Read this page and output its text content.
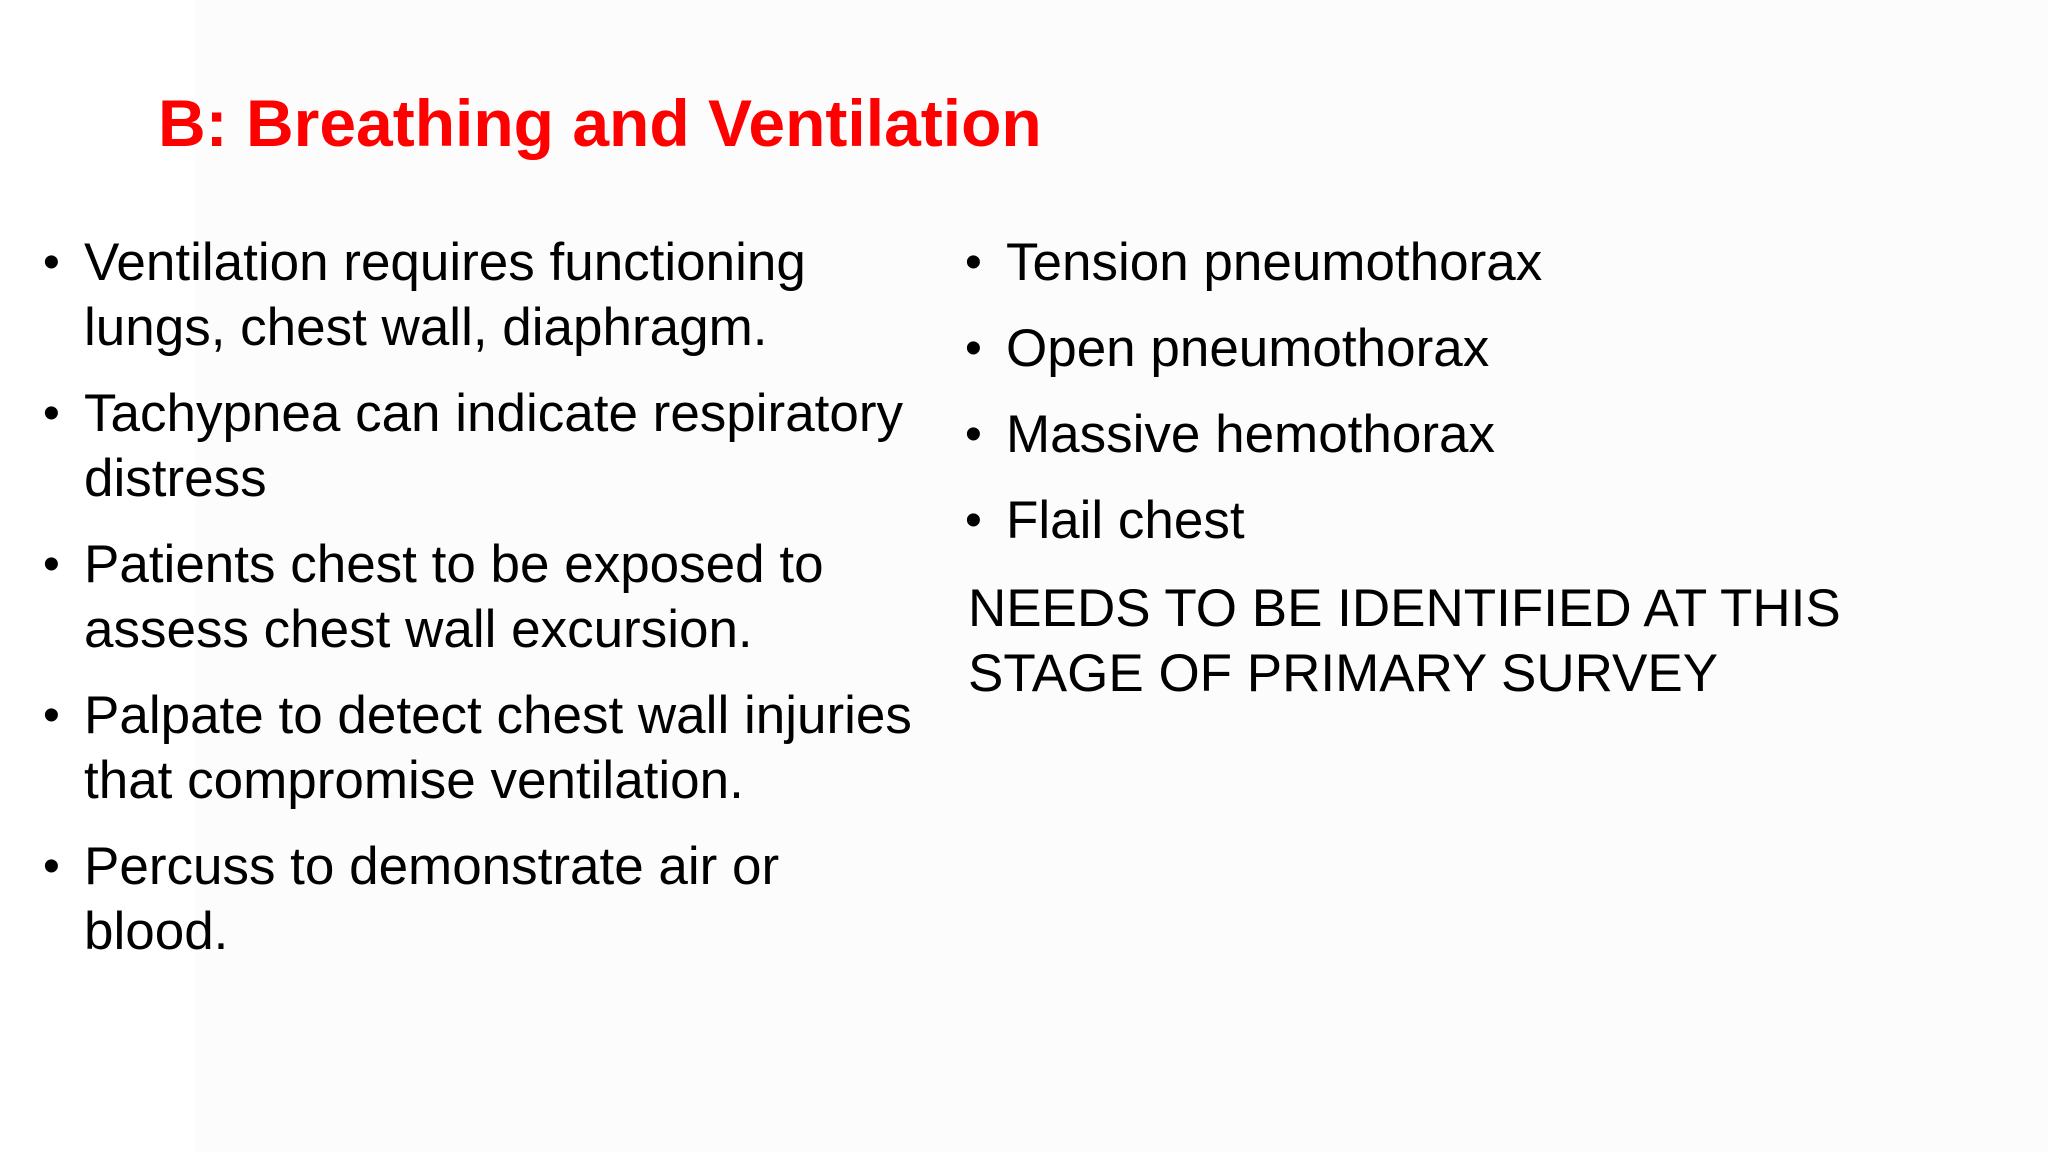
B: Breathing and Ventilation
• Ventilation requires functioning lungs, chest wall, diaphragm.
• Tachypnea can indicate respiratory distress
• Patients chest to be exposed to assess chest wall excursion.
• Palpate to detect chest wall injuries that compromise ventilation.
• Percuss to demonstrate air or blood.
• Tension pneumothorax
• Open pneumothorax
• Massive hemothorax
• Flail chest

NEEDS TO BE IDENTIFIED AT THIS STAGE OF PRIMARY SURVEY
